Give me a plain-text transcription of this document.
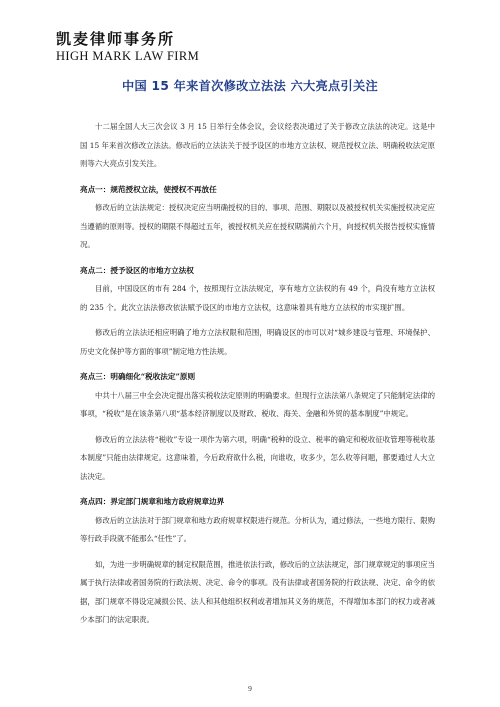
凯麦律师事务所
HIGH MARK LAW FIRM
中国 15 年来首次修改立法法 六大亮点引关注

十二届全国人大三次会议 3 月 15 日举行全体会议，会议经表决通过了关于修改立法法的决定。这是中国 15 年来首次修改立法法。修改后的立法法关于授予设区的市地方立法权、规范授权立法、明确税收法定原则等六大亮点引发关注。

亮点一：规范授权立法，使授权不再放任

修改后的立法法规定：授权决定应当明确授权的目的、事项、范围、期限以及被授权机关实施授权决定应当遵循的原则等。授权的期限不得超过五年，被授权机关应在授权期满前六个月，向授权机关报告授权实施情况。

亮点二：授予设区的市地方立法权

目前，中国设区的市有 284 个，按照现行立法法规定，享有地方立法权的有 49 个，尚没有地方立法权的 235 个。此次立法法修改依法赋予设区的市地方立法权，这意味着具有地方立法权的市实现扩围。

修改后的立法法还相应明确了地方立法权限和范围，明确设区的市可以对“城乡建设与管理、环境保护、历史文化保护等方面的事项”制定地方性法规。

亮点三：明确细化“税收法定”原则

中共十八届三中全会决定提出落实税收法定原则的明确要求。但现行立法法第八条规定了只能制定法律的事项，“税收”是在该条第八项“基本经济制度以及财政、税收、海关、金融和外贸的基本制度”中规定。

修改后的立法法将“税收”专设一项作为第六项，明确“税种的设立、税率的确定和税收征收管理等税收基本制度”只能由法律规定。这意味着，今后政府欲什么税，向谁收，收多少，怎么收等问题，都要通过人大立法决定。

亮点四：界定部门规章和地方政府规章边界

修改后的立法法对于部门规章和地方政府规章权限进行规范。分析认为，通过修法，一些地方限行、限购等行政手段就不能那么“任性”了。

如，为进一步明确规章的制定权限范围，推进依法行政，修改后的立法法规定，部门规章规定的事项应当属于执行法律或者国务院的行政法规、决定、命令的事项。没有法律或者国务院的行政法规、决定、命令的依据，部门规章不得设定减损公民、法人和其他组织权利或者增加其义务的规范，不得增加本部门的权力或者减少本部门的法定职责。

9
